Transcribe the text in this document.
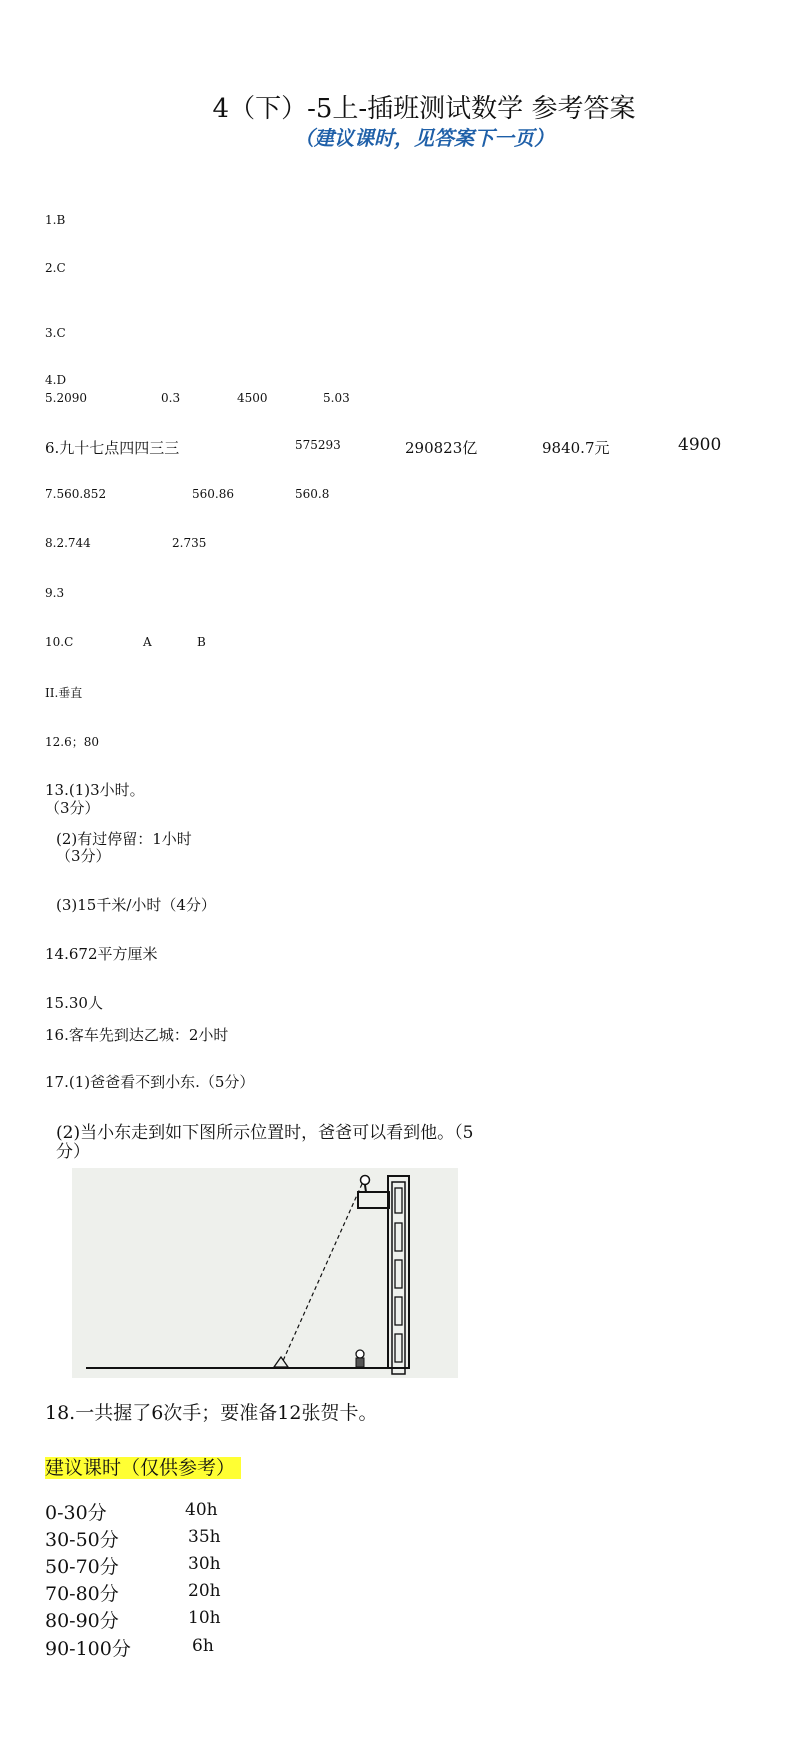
4（下）-5上-插班测试数学 参考答案
（建议课时，见答案下一页）
1.B
2.C
3.C
4.D
5.2090	0.3	4500	5.03
6.九十七点四四三三	575293	290823亿	9840.7元	4900
7.560.852	560.86	560.8
8.2.744	2.735
9.3
10.C	A	B
II.垂直
12.6；80
13.(1)3小时。
（3分）
(2)有过停留：1小时
（3分）
(3)15千米/小时（4分）
14.672平方厘米
15.30人
16.客车先到达乙城：2小时
17.(1)爸爸看不到小东.（5分）
(2)当小东走到如下图所示位置时，爸爸可以看到他。（5
分）
18.一共握了6次手；要准备12张贺卡。
建议课时（仅供参考）
0-30分	40h
30-50分	35h
50-70分	30h
70-80分	20h
80-90分	10h
90-100分	6h
